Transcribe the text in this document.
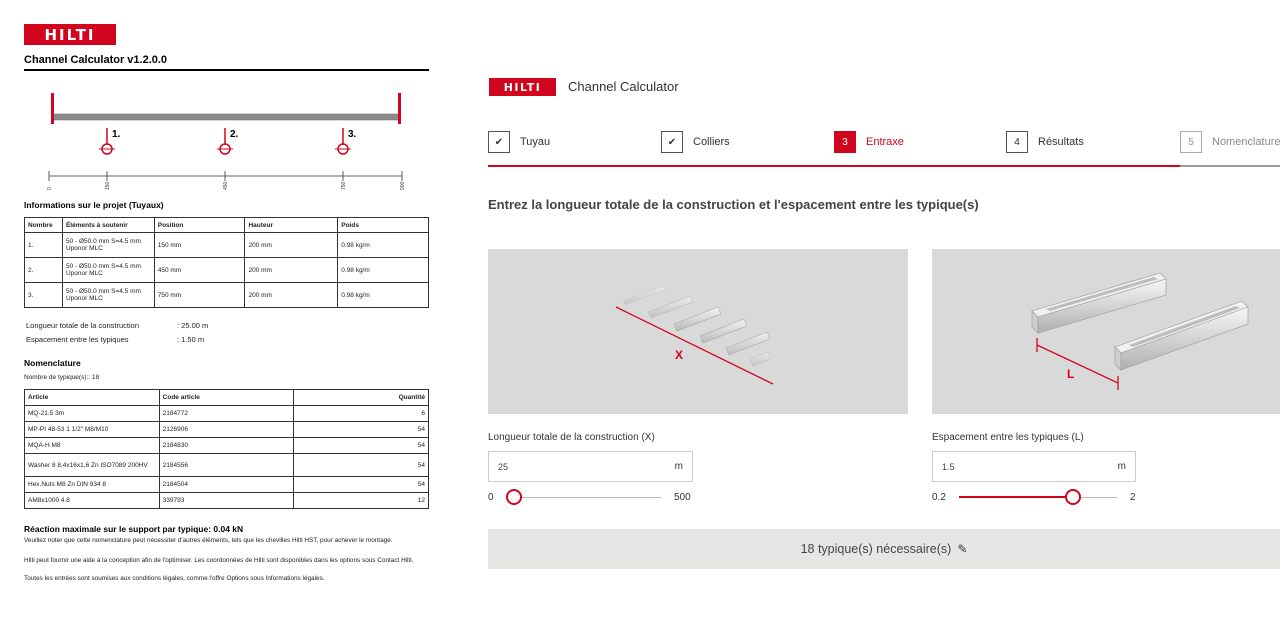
HILTI
Channel Calculator v1.2.0.0
1.	2.	3.
0	150	450	750	900
Informations sur le projet (Tuyaux)
Nombre	Éléments à soutenir	Position	Hauteur	Poids
1.	50 - Ø50.0 mm S=4.5 mm Uponor MLC	150 mm	200 mm	0.98 kg/m
2.	50 - Ø50.0 mm S=4.5 mm Uponor MLC	450 mm	200 mm	0.98 kg/m
3.	50 - Ø50.0 mm S=4.5 mm Uponor MLC	750 mm	200 mm	0.98 kg/m
Longueur totale de la construction	: 25.00 m
Espacement entre les typiques	: 1.50 m
Nomenclature
Nombre de typique(s):: 18
Article	Code article	Quantité
MQ-21.5 3m	2184772	6
MP-PI 48-53 1 1/2" M8/M10	2126906	54
MQA-H M8	2184830	54
Washer 8 8,4x16x1,6 Zn ISO7089 200HV	2184556	54
Hex.Nuts M8 Zn DIN 934 8	2184504	54
AM8x1000 4.8	339793	12
Réaction maximale sur le support par typique: 0.04 kN
Veuillez noter que cette nomenclature peut nécessiter d'autres éléments, tels que les chevilles Hilti HST, pour achever le montage.
Hilti peut fournir une aide à la conception afin de l'optimiser. Les coordonnées de Hilti sont disponibles dans les options sous Contact Hilti.
Toutes les entrées sont soumises aux conditions légales, comme l'offre Options sous Informations légales.
HILTI Channel Calculator
✔	Tuyau	✔	Colliers	3	Entraxe	4	Résultats	5	Nomenclature
Entrez la longueur totale de la construction et l'espacement entre les typique(s)
X
L
Longueur totale de la construction (X)
25
m
0	500
Espacement entre les typiques (L)
1.5
m
0.2	2
18 typique(s) nécessaire(s) ✎
